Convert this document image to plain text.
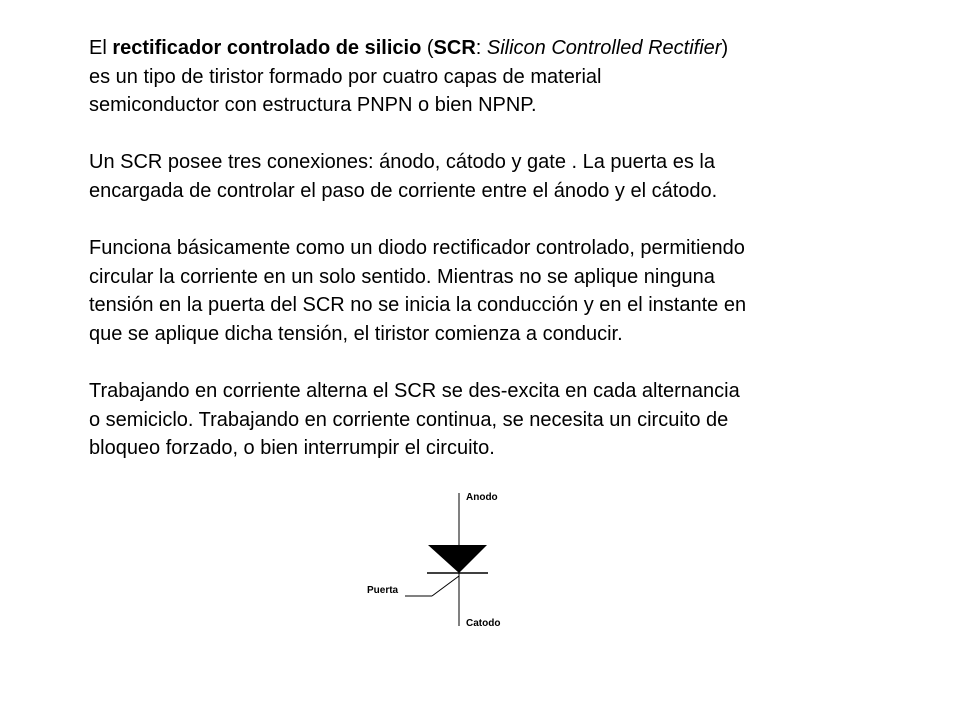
El rectificador controlado de silicio (SCR: Silicon Controlled Rectifier)
es un tipo de tiristor formado por cuatro capas de material
semiconductor con estructura PNPN o bien NPNP.

Un SCR posee tres conexiones: ánodo, cátodo y gate . La puerta es la
encargada de controlar el paso de corriente entre el ánodo y el cátodo.

Funciona básicamente como un diodo rectificador controlado, permitiendo
circular la corriente en un solo sentido. Mientras no se aplique ninguna
tensión en la puerta del SCR no se inicia la conducción y en el instante en
que se aplique dicha tensión, el tiristor comienza a conducir.

Trabajando en corriente alterna el SCR se des-excita en cada alternancia
o semiciclo. Trabajando en corriente continua, se necesita un circuito de
bloqueo forzado, o bien interrumpir el circuito.

Anodo
Catodo
Puerta
